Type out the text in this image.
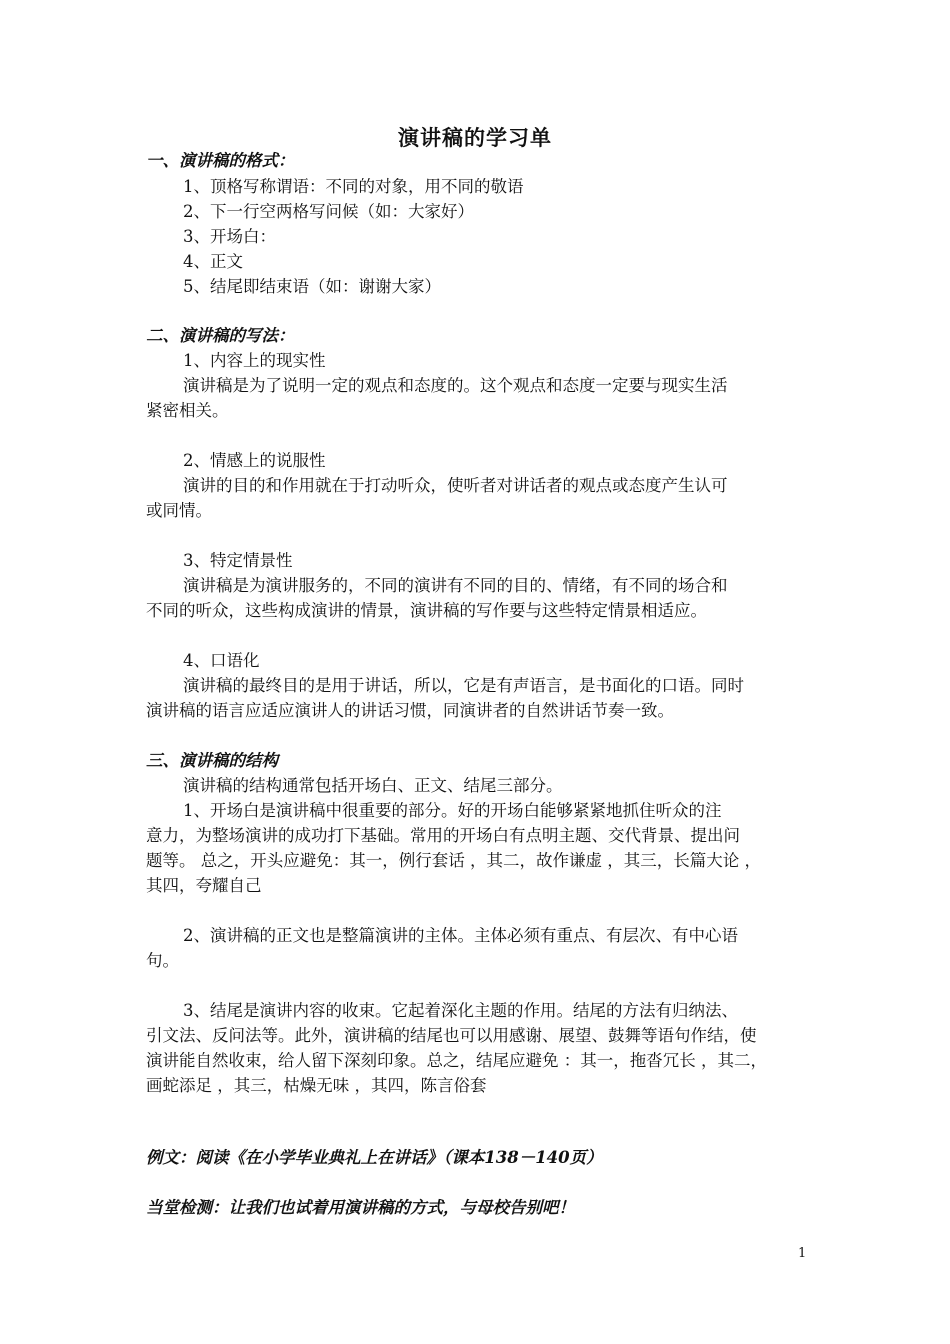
演讲稿的学习单
一、演讲稿的格式：
1、顶格写称谓语：不同的对象，用不同的敬语
2、下一行空两格写问候（如：大家好）
3、开场白：
4、正文
5、结尾即结束语（如：谢谢大家）
二、演讲稿的写法：
1、内容上的现实性
演讲稿是为了说明一定的观点和态度的。这个观点和态度一定要与现实生活
紧密相关。
2、情感上的说服性
演讲的目的和作用就在于打动听众，使听者对讲话者的观点或态度产生认可
或同情。
3、特定情景性
演讲稿是为演讲服务的，不同的演讲有不同的目的、情绪，有不同的场合和
不同的听众，这些构成演讲的情景，演讲稿的写作要与这些特定情景相适应。
4、口语化
演讲稿的最终目的是用于讲话，所以，它是有声语言，是书面化的口语。同时
演讲稿的语言应适应演讲人的讲话习惯，同演讲者的自然讲话节奏一致。
三、演讲稿的结构
演讲稿的结构通常包括开场白、正文、结尾三部分。
1、开场白是演讲稿中很重要的部分。好的开场白能够紧紧地抓住听众的注
意力，为整场演讲的成功打下基础。常用的开场白有点明主题、交代背景、提出问
题等。 总之，开头应避免：其一，例行套话 ，其二，故作谦虚 ，其三，长篇大论 ，
其四，夸耀自己
2、演讲稿的正文也是整篇演讲的主体。主体必须有重点、有层次、有中心语
句。
3、结尾是演讲内容的收束。它起着深化主题的作用。结尾的方法有归纳法、
引文法、反问法等。此外，演讲稿的结尾也可以用感谢、展望、鼓舞等语句作结，使
演讲能自然收束，给人留下深刻印象。总之，结尾应避免 ：其一，拖沓冗长 ，其二，
画蛇添足 ，其三，枯燥无味 ，其四，陈言俗套
例文：阅读《在小学毕业典礼上在讲话》（课本138－140页）
当堂检测：让我们也试着用演讲稿的方式，与母校告别吧！
1
